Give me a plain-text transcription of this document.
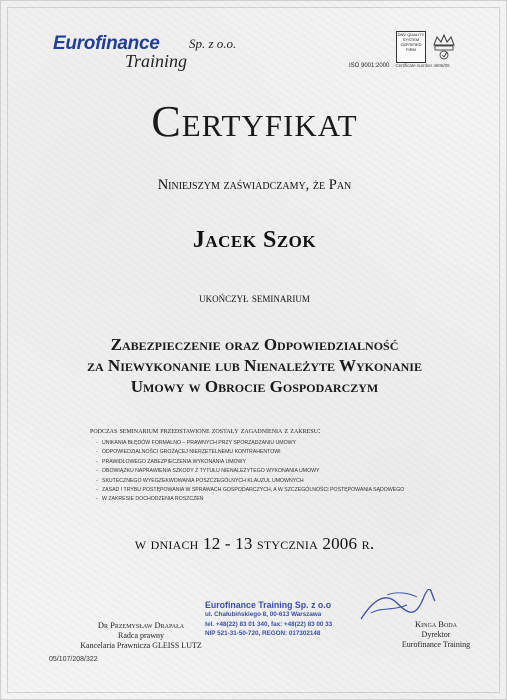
Eurofinance Sp. z o.o.
Training
DNV QUALITY SYSTEM CERTIFIED FIRM
ISO 9001:2000 Certificate number 4606/05
Certyfikat
Niniejszym zaświadczamy, że Pan
Jacek Szok
ukończył seminarium
Zabezpieczenie oraz Odpowiedzialność
za Niewykonanie lub Nienależyte Wykonanie
Umowy w Obrocie Gospodarczym
podczas seminarium przedstawione zostały zagadnienia z zakresu:
- UNIKANIA BŁĘDÓW FORMALNO – PRAWNYCH PRZY SPORZĄDZANIU UMOWY
- ODPOWIEDZIALNOŚCI GROŻĄCEJ NIERZETELNEMU KONTRAHENTOWI
- PRAWIDŁOWEGO ZABEZPIECZENIA WYKONANIA UMOWY
- OBOWIĄZKU NAPRAWIENIA SZKODY Z TYTUŁU NIENALEŻYTEGO WYKONANIA UMOWY
- SKUTECZNEGO WYEGZEKWOWANIA POSZCZEGÓLNYCH KLAUZUL UMOWNYCH
- ZASAD I TRYBU POSTĘPOWANIA W SPRAWACH GOSPODARCZYCH, A W SZCZEGÓLNOŚCI POSTĘPOWANIA SĄDOWEGO
- W ZAKRESIE DOCHODZENIA ROSZCZEŃ
w dniach 12 - 13 stycznia 2006 r.
Dr Przemysław Drapała
Radca prawny
Kancelaria Prawnicza GLEISS LUTZ
Eurofinance Training Sp. z o.o
ul. Chałubińskiego 8, 00-613 Warszawa
tel. +48(22) 83 01 340, fax: +48(22) 83 00 33
NIP 521-31-50-720, REGON: 017302148
Kinga Boda
Dyrektor
Eurofinance Training
05/107/208/322
